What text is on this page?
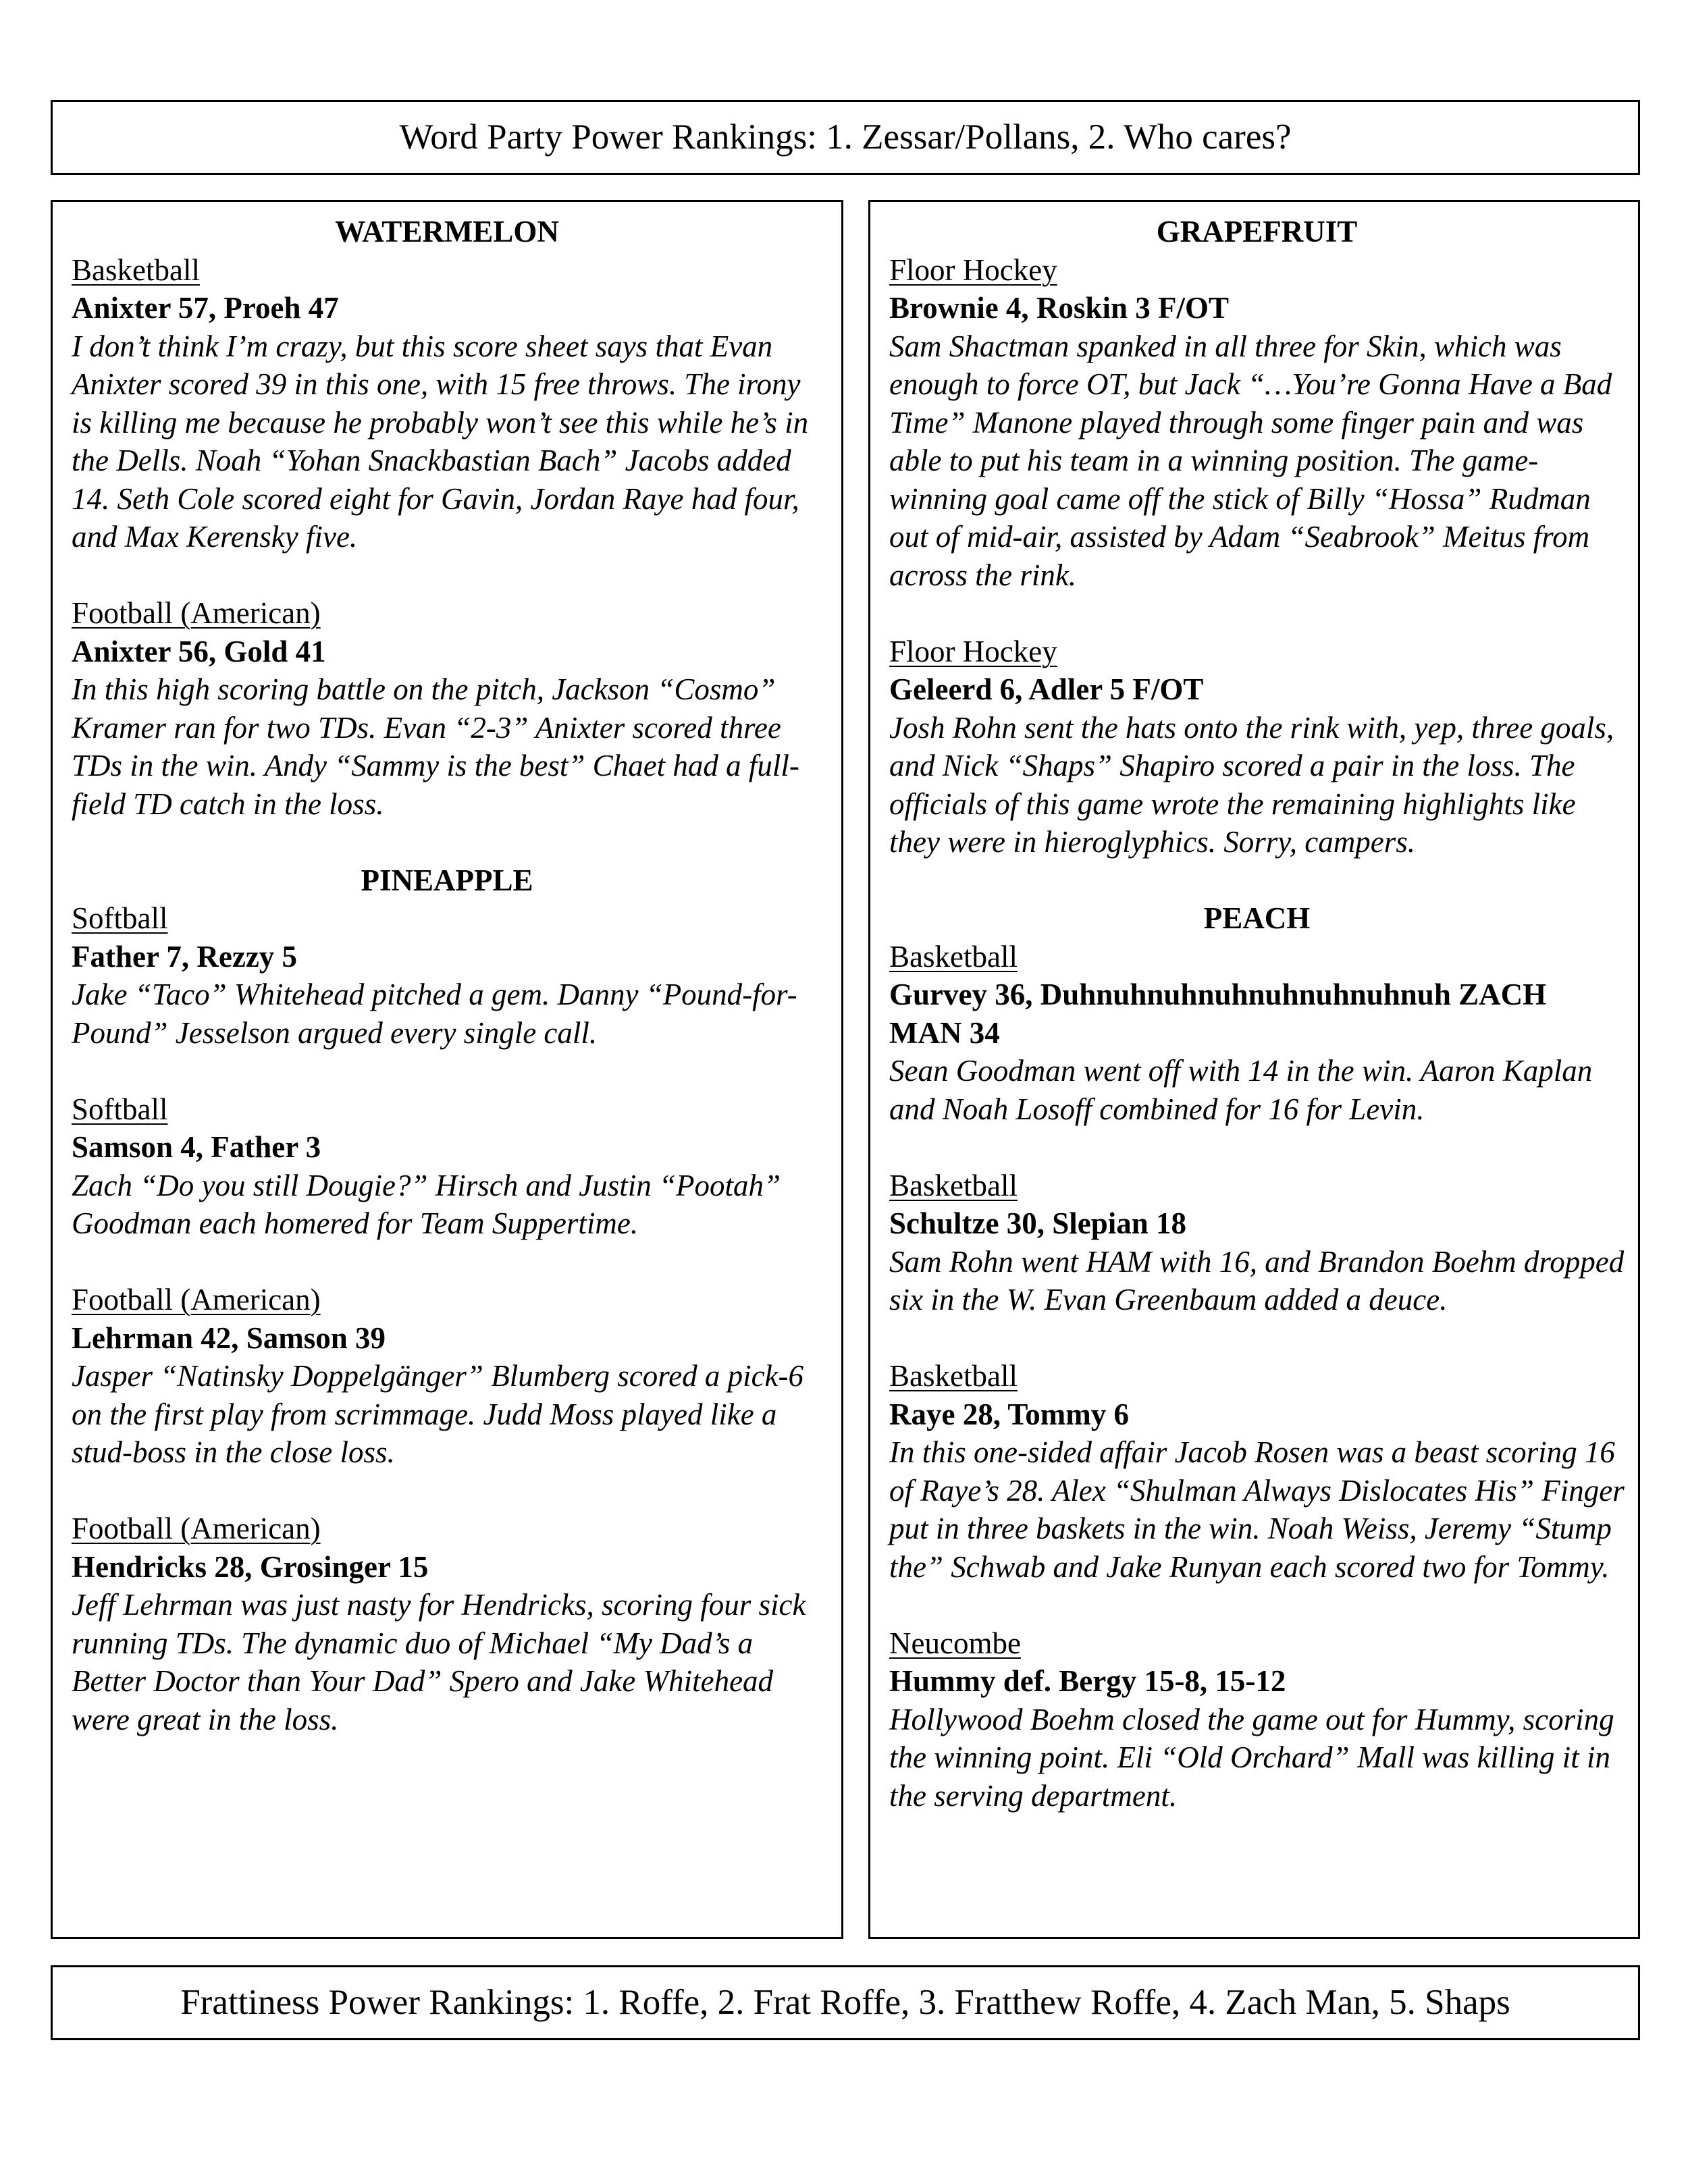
Word Party Power Rankings: 1. Zessar/Pollans, 2. Who cares?

WATERMELON

Basketball

Anixter 57, Proeh 47

I don’t think I’m crazy, but this score sheet says that Evan Anixter scored 39 in this one, with 15 free throws. The irony is killing me because he probably won’t see this while he’s in the Dells. Noah “Yohan Snackbastian Bach” Jacobs added 14. Seth Cole scored eight for Gavin, Jordan Raye had four, and Max Kerensky five.

Football (American)

Anixter 56, Gold 41

In this high scoring battle on the pitch, Jackson “Cosmo” Kramer ran for two TDs. Evan “2-3” Anixter scored three TDs in the win. Andy “Sammy is the best” Chaet had a full-field TD catch in the loss.

PINEAPPLE

Softball

Father 7, Rezzy 5

Jake “Taco” Whitehead pitched a gem. Danny “Pound-for-Pound” Jesselson argued every single call.

Softball

Samson 4, Father 3

Zach “Do you still Dougie?” Hirsch and Justin “Pootah” Goodman each homered for Team Suppertime.

Football (American)

Lehrman 42, Samson 39

Jasper “Natinsky Doppelgänger” Blumberg scored a pick-6 on the first play from scrimmage. Judd Moss played like a stud-boss in the close loss.

Football (American)

Hendricks 28, Grosinger 15

Jeff Lehrman was just nasty for Hendricks, scoring four sick running TDs. The dynamic duo of Michael “My Dad’s a Better Doctor than Your Dad” Spero and Jake Whitehead were great in the loss.

GRAPEFRUIT

Floor Hockey

Brownie 4, Roskin 3 F/OT

Sam Shactman spanked in all three for Skin, which was enough to force OT, but Jack “…You’re Gonna Have a Bad Time” Manone played through some finger pain and was able to put his team in a winning position. The game-winning goal came off the stick of Billy “Hossa” Rudman out of mid-air, assisted by Adam “Seabrook” Meitus from across the rink.

Floor Hockey

Geleerd 6, Adler 5 F/OT

Josh Rohn sent the hats onto the rink with, yep, three goals, and Nick “Shaps” Shapiro scored a pair in the loss. The officials of this game wrote the remaining highlights like they were in hieroglyphics. Sorry, campers.

PEACH

Basketball

Gurvey 36, Duhnuhnuhnuhnuhnuhnuhnuh ZACH MAN 34

Sean Goodman went off with 14 in the win. Aaron Kaplan and Noah Losoff combined for 16 for Levin.

Basketball

Schultze 30, Slepian 18

Sam Rohn went HAM with 16, and Brandon Boehm dropped six in the W. Evan Greenbaum added a deuce.

Basketball

Raye 28, Tommy 6

In this one-sided affair Jacob Rosen was a beast scoring 16 of Raye’s 28. Alex “Shulman Always Dislocates His” Finger put in three baskets in the win. Noah Weiss, Jeremy “Stump the” Schwab and Jake Runyan each scored two for Tommy.

Neucombe

Hummy def. Bergy 15-8, 15-12

Hollywood Boehm closed the game out for Hummy, scoring the winning point. Eli “Old Orchard” Mall was killing it in the serving department.

Frattiness Power Rankings: 1. Roffe, 2. Frat Roffe, 3. Fratthew Roffe, 4. Zach Man, 5. Shaps
